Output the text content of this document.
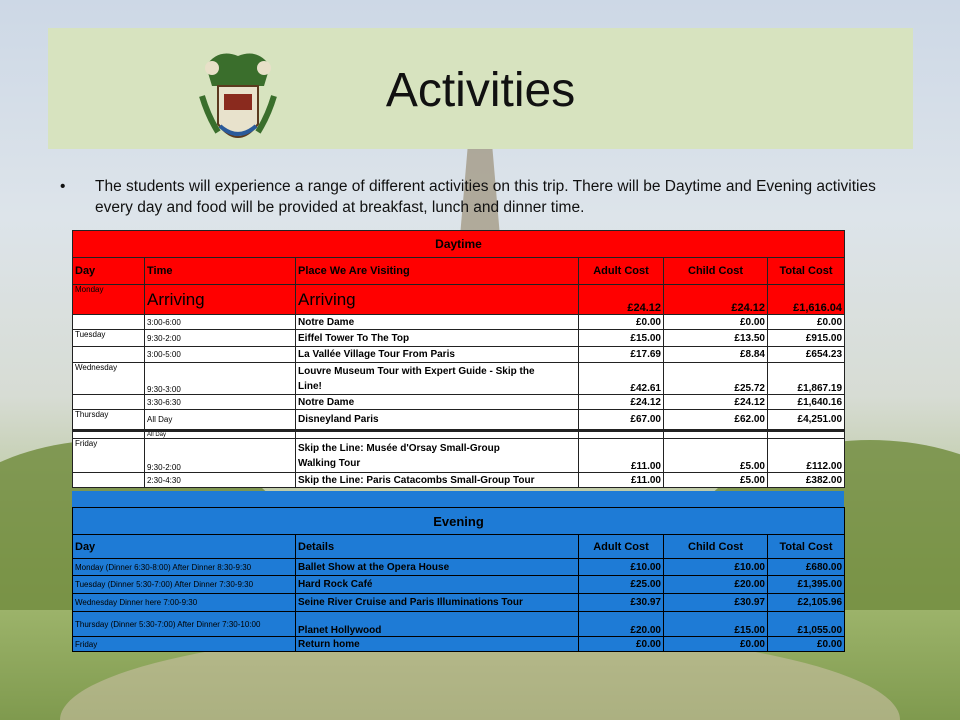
Activities
• The students will experience a range of different activities on this trip. There will be Daytime and Evening activities every day and food will be provided at breakfast, lunch and dinner time.
Daytime					
Day	Time	Place We Are Visiting	Adult Cost	Child Cost	Total Cost
Monday	Arriving	Arriving	£24.12	£24.12	£1,616.04
	3:00-6:00	Notre Dame	£0.00	£0.00	£0.00
Tuesday	9:30-2:00	Eiffel Tower To The Top	£15.00	£13.50	£915.00
	3:00-5:00	La Vallée Village Tour From Paris	£17.69	£8.84	£654.23
Wednesday	9:30-3:00	Louvre Museum Tour with Expert Guide - Skip the
Line!	£42.61	£25.72	£1,867.19
	3:30-6:30	Notre Dame	£24.12	£24.12	£1,640.16
Thursday	All Day	Disneyland Paris	£67.00	£62.00	£4,251.00
	All Day				
Friday	9:30-2:00	Skip the Line: Musée d'Orsay Small-Group
Walking Tour	£11.00	£5.00	£112.00
	2:30-4:30	Skip the Line: Paris Catacombs Small-Group Tour	£11.00	£5.00	£382.00
Evening				
Day	Details	Adult Cost	Child Cost	Total Cost
Monday (Dinner 6:30-8:00) After Dinner 8:30-9:30	Ballet Show at the Opera House	£10.00	£10.00	£680.00
Tuesday (Dinner 5:30-7:00) After Dinner 7:30-9:30	Hard Rock Café	£25.00	£20.00	£1,395.00
Wednesday Dinner here 7:00-9:30	Seine River Cruise and Paris Illuminations Tour	£30.97	£30.97	£2,105.96
Thursday (Dinner 5:30-7:00) After Dinner 7:30-10:00	Planet Hollywood	£20.00	£15.00	£1,055.00
Friday	Return home	£0.00	£0.00	£0.00
